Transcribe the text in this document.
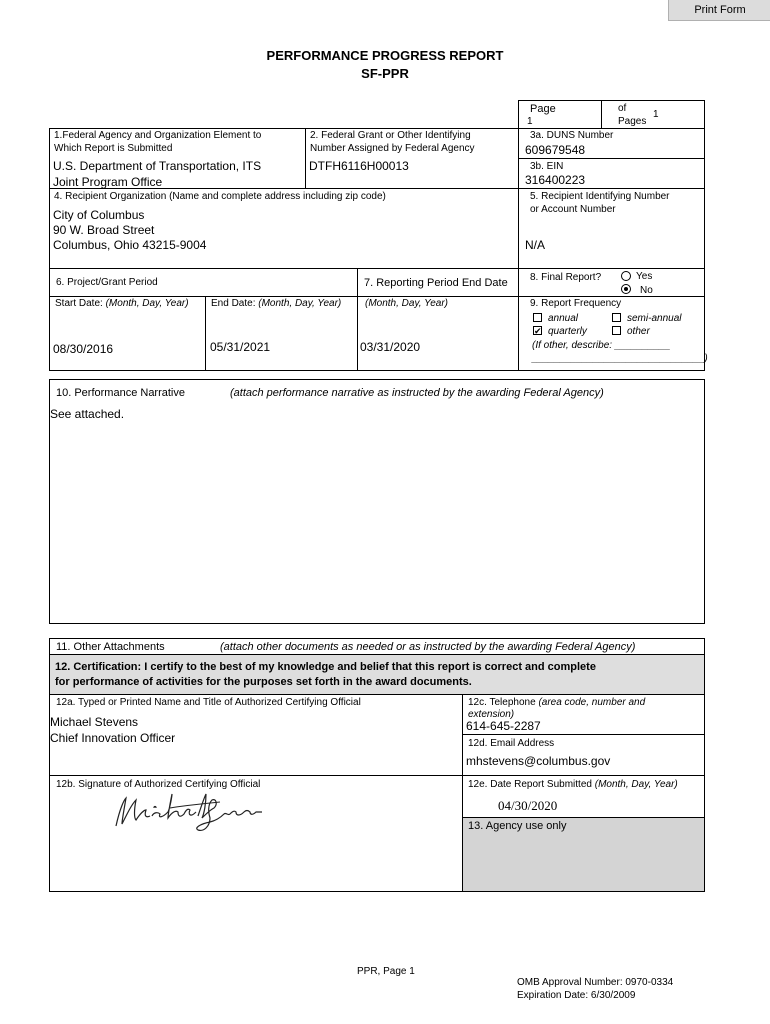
Print Form
PERFORMANCE PROGRESS REPORT
SF-PPR
Page
1
of
Pages
1
1.Federal Agency and Organization Element to
Which Report is Submitted
U.S. Department of Transportation, ITS
Joint Program Office
2. Federal Grant or Other Identifying
Number Assigned by Federal Agency
DTFH6116H00013
3a. DUNS Number
609679548
3b. EIN
316400223
4. Recipient Organization (Name and complete address including zip code)
City of Columbus
90 W. Broad Street
Columbus, Ohio 43215-9004
5. Recipient Identifying Number
or Account Number
N/A
6. Project/Grant Period
Start Date: (Month, Day, Year) End Date: (Month, Day, Year)
08/30/2016	05/31/2021
7. Reporting Period End Date
(Month, Day, Year)
03/31/2020
8. Final Report?	Yes
No
9. Report Frequency
annual	semi-annual
✔ quarterly	other
(If other, describe: __________
_______________________________)
10. Performance Narrative	(attach performance narrative as instructed by the awarding Federal Agency)
See attached.
11. Other Attachments	(attach other documents as needed or as instructed by the awarding Federal Agency)
12. Certification: I certify to the best of my knowledge and belief that this report is correct and complete
for performance of activities for the purposes set forth in the award documents.
12a. Typed or Printed Name and Title of Authorized Certifying Official
Michael Stevens
Chief Innovation Officer
12c. Telephone (area code, number and
extension)
614-645-2287
12d. Email Address
mhstevens@columbus.gov
12b. Signature of Authorized Certifying Official	12e. Date Report Submitted (Month, Day, Year)
04/30/2020
13. Agency use only
PPR, Page 1
OMB Approval Number: 0970-0334
Expiration Date: 6/30/2009
